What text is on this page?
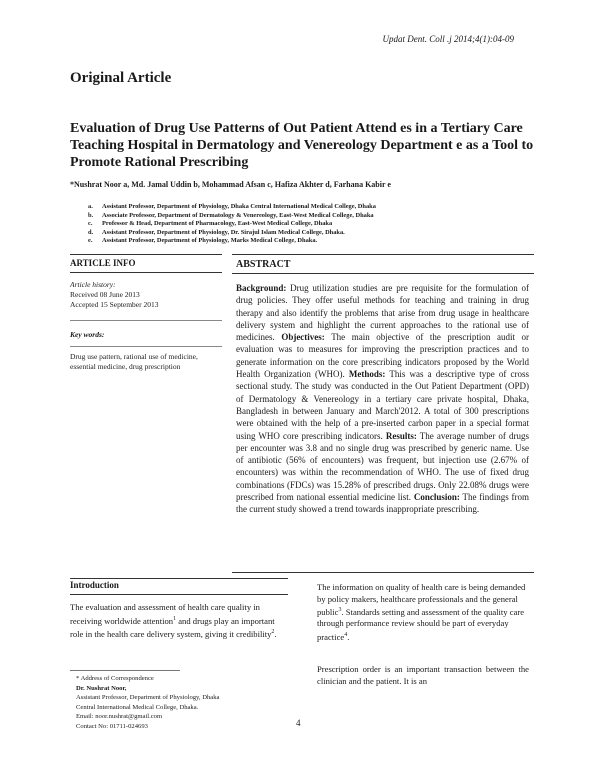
Updat Dent. Coll .j 2014;4(1):04-09
Original Article
Evaluation of Drug Use Patterns of Out Patient Attend es in a Tertiary Care Teaching Hospital in Dermatology and Venereology Department e as a Tool to Promote Rational Prescribing
*Nushrat Noor a, Md. Jamal Uddin b, Mohammad Afsan c, Hafiza Akhter d, Farhana Kabir e
a.	Assistant Professor, Department of Physiology, Dhaka Central International Medical College, Dhaka
b.	Associate Professor, Department of Dermatology & Venereology, East-West Medical College, Dhaka
c.	Professor & Head, Department of Pharmacology, East-West Medical College, Dhaka
d.	Assistant Professor, Department of Physiology, Dr. Sirajul Islam Medical College, Dhaka.
e.	Assistant Professor, Department of Physiology, Marks Medical College, Dhaka.
ARTICLE INFO
Article history:
Received 08 June 2013
Accepted 15 September 2013
Key words:
Drug use pattern, rational use of medicine, essential medicine, drug prescription
ABSTRACT
Background: Drug utilization studies are pre requisite for the formulation of drug policies. They offer useful methods for teaching and training in drug therapy and also identify the problems that arise from drug usage in healthcare delivery system and highlight the current approaches to the rational use of medicines. Objectives: The main objective of the prescription audit or evaluation was to measures for improving the prescription practices and to generate information on the core prescribing indicators proposed by the World Health Organization (WHO). Methods: This was a descriptive type of cross sectional study. The study was conducted in the Out Patient Department (OPD) of Dermatology & Venereology in a tertiary care private hospital, Dhaka, Bangladesh in between January and March'2012. A total of 300 prescriptions were obtained with the help of a pre-inserted carbon paper in a special format using WHO core prescribing indicators. Results: The average number of drugs per encounter was 3.8 and no single drug was prescribed by generic name. Use of antibiotic (56% of encounters) was frequent, but injection use (2.67% of encounters) was within the recommendation of WHO. The use of fixed drug combinations (FDCs) was 15.28% of prescribed drugs. Only 22.08% drugs were prescribed from national essential medicine list. Conclusion: The findings from the current study showed a trend towards inappropriate prescribing.
Introduction
The evaluation and assessment of health care quality in receiving worldwide attention$^1$ and drugs play an important role in the health care delivery system, giving it credibility$^2$.
The information on quality of health care is being demanded by policy makers, healthcare professionals and the general public$^3$. Standards setting and assessment of the quality care through performance review should be part of everyday practice$^4$.
Prescription order is an important transaction between the clinician and the patient. It is an
* Address of Correspondence
Dr. Nushrat Noor,
Assistant Professor, Department of Physiology, Dhaka
Central International Medical College, Dhaka.
Email: noor.nushrat@gmail.com
Contact No: 01711-024693	4
